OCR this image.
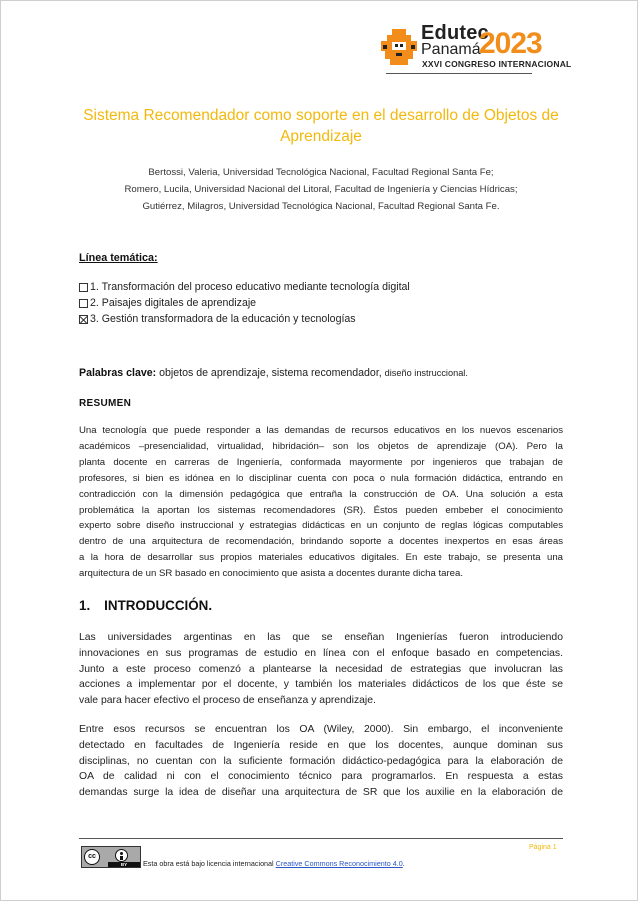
Edutec
Panamá
2023
XXVI CONGRESO INTERNACIONAL
Sistema Recomendador como soporte en el desarrollo de Objetos de
Aprendizaje
Bertossi, Valeria, Universidad Tecnológica Nacional, Facultad Regional Santa Fe;
Romero, Lucila, Universidad Nacional del Litoral, Facultad de Ingeniería y Ciencias Hídricas;
Gutiérrez, Milagros, Universidad Tecnológica Nacional, Facultad Regional Santa Fe.
Línea temática:
1. Transformación del proceso educativo mediante tecnología digital
2. Paisajes digitales de aprendizaje
3. Gestión transformadora de la educación y tecnologías
Palabras clave: objetos de aprendizaje, sistema recomendador, diseño instruccional.
RESUMEN
Una tecnología que puede responder a las demandas de recursos educativos en los nuevos escenarios
académicos –presencialidad, virtualidad, hibridación– son los objetos de aprendizaje (OA). Pero la
planta docente en carreras de Ingeniería, conformada mayormente por ingenieros que trabajan de
profesores, si bien es idónea en lo disciplinar cuenta con poca o nula formación didáctica, entrando en
contradicción con la dimensión pedagógica que entraña la construcción de OA. Una solución a esta
problemática la aportan los sistemas recomendadores (SR). Éstos pueden embeber el conocimiento
experto sobre diseño instruccional y estrategias didácticas en un conjunto de reglas lógicas computables
dentro de una arquitectura de recomendación, brindando soporte a docentes inexpertos en esas áreas
a la hora de desarrollar sus propios materiales educativos digitales. En este trabajo, se presenta una
arquitectura de un SR basado en conocimiento que asista a docentes durante dicha tarea.
1. INTRODUCCIÓN.
Las universidades argentinas en las que se enseñan Ingenierías fueron introduciendo
innovaciones en sus programas de estudio en línea con el enfoque basado en competencias.
Junto a este proceso comenzó a plantearse la necesidad de estrategias que involucran las
acciones a implementar por el docente, y también los materiales didácticos de los que éste se
vale para hacer efectivo el proceso de enseñanza y aprendizaje.
Entre esos recursos se encuentran los OA (Wiley, 2000). Sin embargo, el inconveniente
detectado en facultades de Ingeniería reside en que los docentes, aunque dominan sus
disciplinas, no cuentan con la suficiente formación didáctico-pedagógica para la elaboración de
OA de calidad ni con el conocimiento técnico para programarlos. En respuesta a estas
demandas surge la idea de diseñar una arquitectura de SR que los auxilie en la elaboración de
Página 1
cc
BY	Esta obra está bajo licencia internacional Creative Commons Reconocimiento 4.0.
